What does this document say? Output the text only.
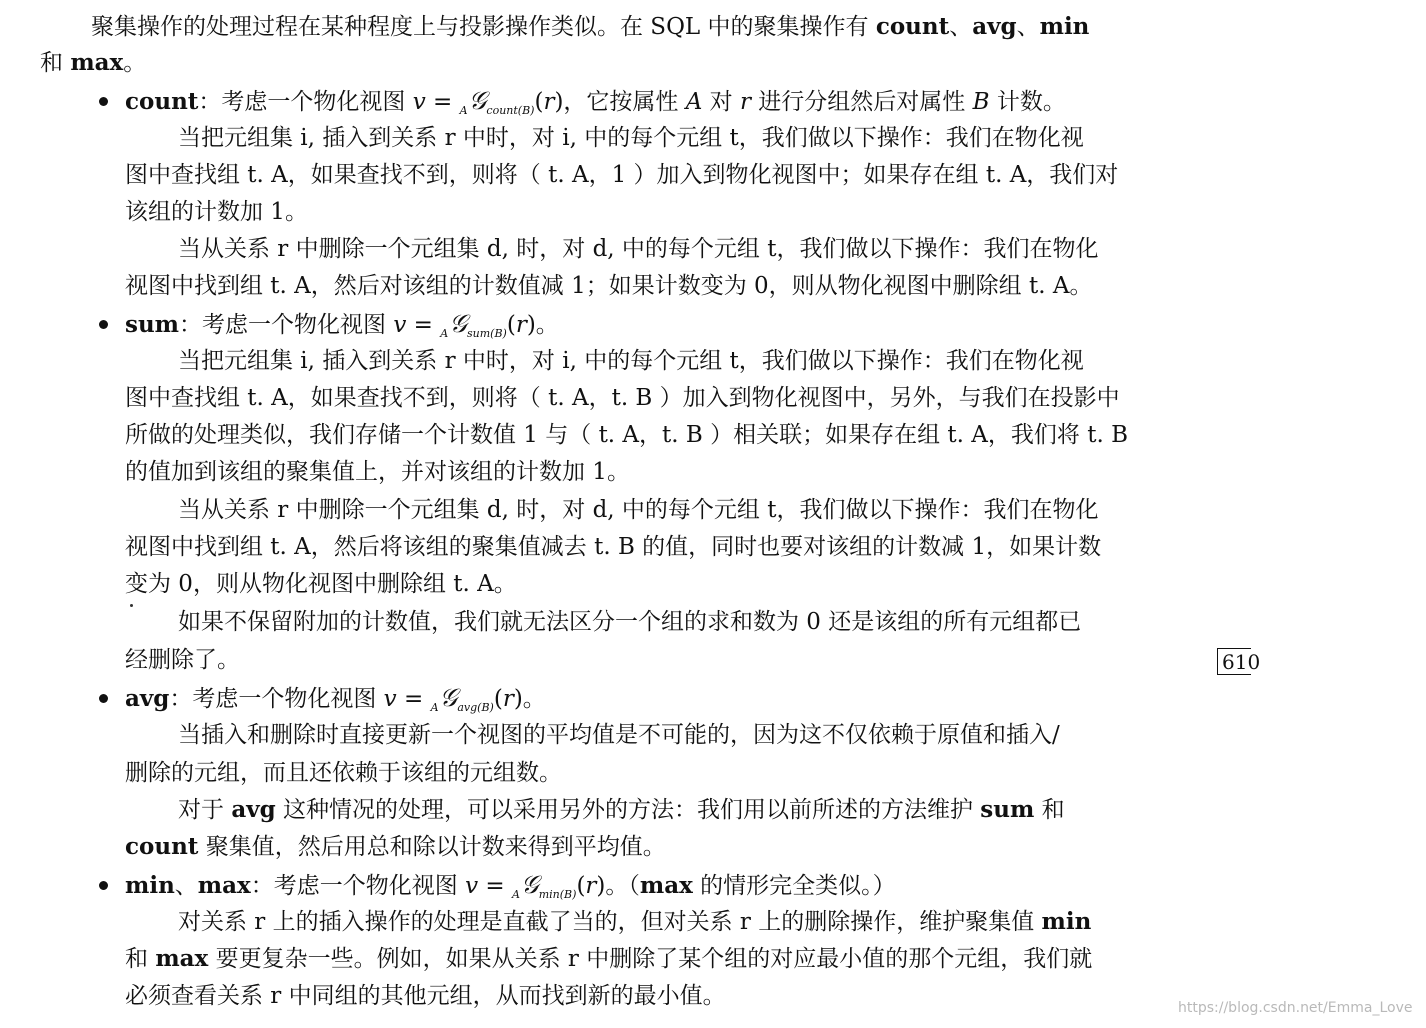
聚集操作的处理过程在某种程度上与投影操作类似。在 SQL 中的聚集操作有 count、avg、min
和 max。
count：考虑一个物化视图 v = $_A$𝒢$_{count(B)}$(r)，它按属性 A 对 r 进行分组然后对属性 B 计数。
当把元组集 i, 插入到关系 r 中时，对 i, 中的每个元组 t，我们做以下操作：我们在物化视
图中查找组 t. A，如果查找不到，则将（ t. A，1 ）加入到物化视图中；如果存在组 t. A，我们对
该组的计数加 1。
当从关系 r 中删除一个元组集 d, 时，对 d, 中的每个元组 t，我们做以下操作：我们在物化
视图中找到组 t. A，然后对该组的计数值减 1；如果计数变为 0，则从物化视图中删除组 t. A。
sum：考虑一个物化视图 v = $_A$𝒢$_{sum(B)}$(r)。
当把元组集 i, 插入到关系 r 中时，对 i, 中的每个元组 t，我们做以下操作：我们在物化视
图中查找组 t. A，如果查找不到，则将（ t. A，t. B ）加入到物化视图中，另外，与我们在投影中
所做的处理类似，我们存储一个计数值 1 与（ t. A，t. B ）相关联；如果存在组 t. A，我们将 t. B
的值加到该组的聚集值上，并对该组的计数加 1。
当从关系 r 中删除一个元组集 d, 时，对 d, 中的每个元组 t，我们做以下操作：我们在物化
视图中找到组 t. A，然后将该组的聚集值减去 t. B 的值，同时也要对该组的计数减 1，如果计数
变为 0，则从物化视图中删除组 t. A。
如果不保留附加的计数值，我们就无法区分一个组的求和数为 0 还是该组的所有元组都已
经删除了。	610
avg：考虑一个物化视图 v = $_A$𝒢$_{avg(B)}$(r)。
当插入和删除时直接更新一个视图的平均值是不可能的，因为这不仅依赖于原值和插入/
删除的元组，而且还依赖于该组的元组数。
对于 avg 这种情况的处理，可以采用另外的方法：我们用以前所述的方法维护 sum 和
count 聚集值，然后用总和除以计数来得到平均值。
min、max：考虑一个物化视图 v = $_A$𝒢$_{min(B)}$(r)。（max 的情形完全类似。）
对关系 r 上的插入操作的处理是直截了当的，但对关系 r 上的删除操作，维护聚集值 min
和 max 要更复杂一些。例如，如果从关系 r 中删除了某个组的对应最小值的那个元组，我们就
必须查看关系 r 中同组的其他元组，从而找到新的最小值。	https://blog.csdn.net/Emma_Love
